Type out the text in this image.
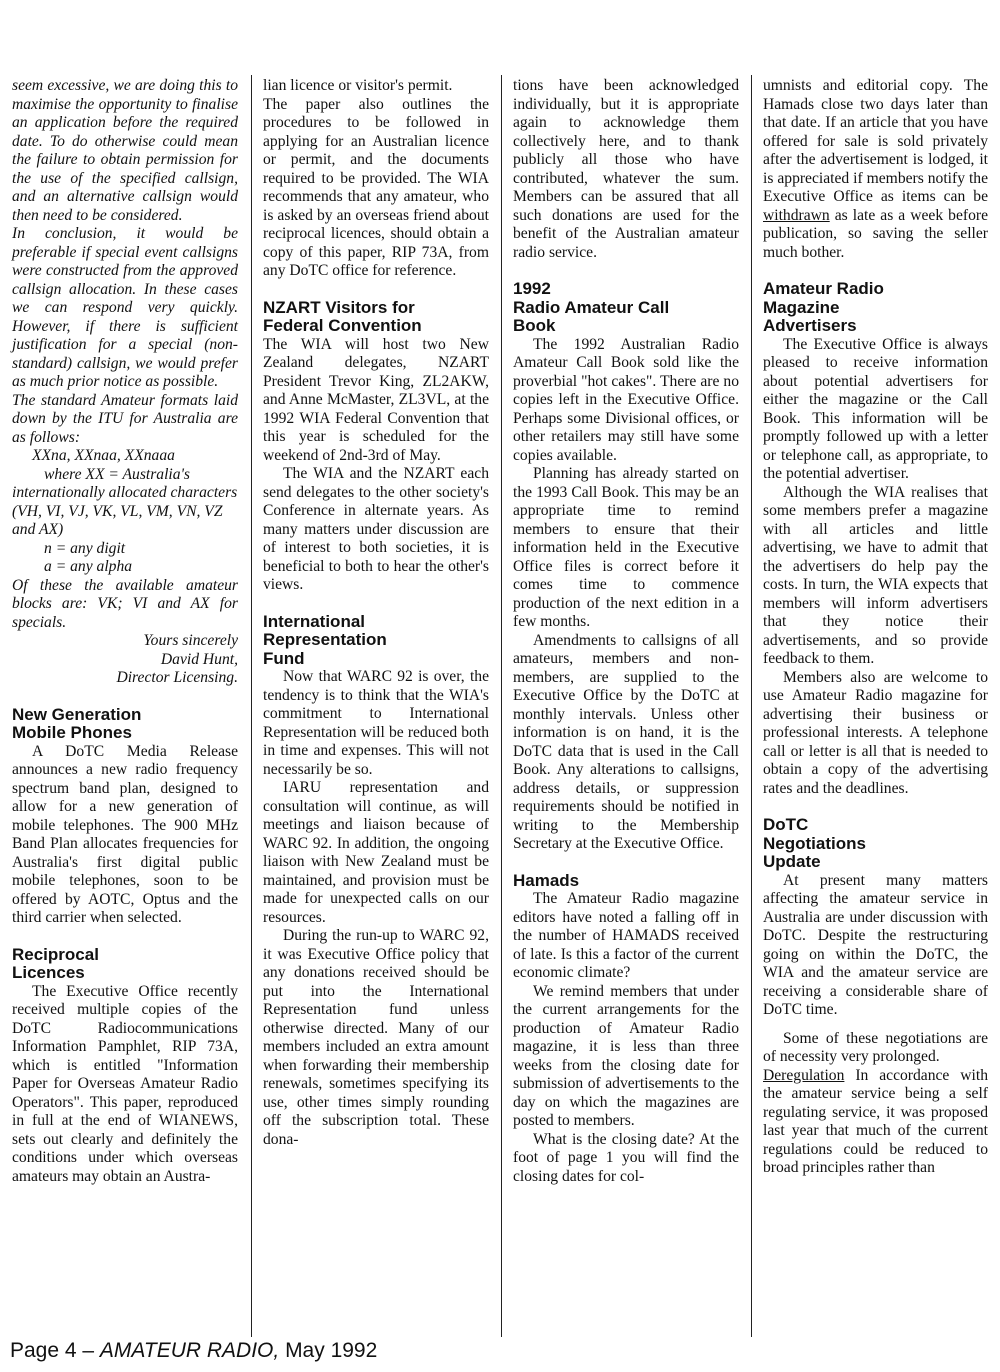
seem excessive, we are doing this to maximise the opportunity to finalise an application before the required date. To do otherwise could mean the failure to obtain permission for the use of the specified callsign, and an alternative callsign would then need to be considered.

In conclusion, it would be preferable if special event callsigns were constructed from the approved callsign allocation. In these cases we can respond very quickly. However, if there is sufficient justification for a special (non-standard) callsign, we would prefer as much prior notice as possible.

The standard Amateur formats laid down by the ITU for Australia are as follows:

XXna, XXnaa, XXnaaa

where XX = Australia's internationally allocated characters (VH, VI, VJ, VK, VL, VM, VN, VZ and AX)

n = any digit

a = any alpha

Of these the available amateur blocks are: VK; VI and AX for specials.

Yours sincerely

David Hunt,

Director Licensing.

New Generation Mobile Phones

A DoTC Media Release announces a new radio frequency spectrum band plan, designed to allow for a new generation of mobile telephones. The 900 MHz Band Plan allocates frequencies for Australia's first digital public mobile telephones, soon to be offered by AOTC, Optus and the third carrier when selected.

Reciprocal Licences

The Executive Office recently received multiple copies of the DoTC Radiocommunications Information Pamphlet, RIP 73A, which is entitled "Information Paper for Overseas Amateur Radio Operators". This paper, reproduced in full at the end of WIANEWS, sets out clearly and definitely the conditions under which overseas amateurs may obtain an Austra-

lian licence or visitor's permit.

The paper also outlines the procedures to be followed in applying for an Australian licence or permit, and the documents required to be provided. The WIA recommends that any amateur, who is asked by an overseas friend about reciprocal licences, should obtain a copy of this paper, RIP 73A, from any DoTC office for reference.

NZART Visitors for Federal Convention

The WIA will host two New Zealand delegates, NZART President Trevor King, ZL2AKW, and Anne McMaster, ZL3VL, at the 1992 WIA Federal Convention that this year is scheduled for the weekend of 2nd-3rd of May.

The WIA and the NZART each send delegates to the other society's Conference in alternate years. As many matters under discussion are of interest to both societies, it is beneficial to both to hear the other's views.

International Representation Fund

Now that WARC 92 is over, the tendency is to think that the WIA's commitment to International Representation will be reduced both in time and expenses. This will not necessarily be so.

IARU representation and consultation will continue, as will meetings and liaison because of WARC 92. In addition, the ongoing liaison with New Zealand must be maintained, and provision must be made for unexpected calls on our resources.

During the run-up to WARC 92, it was Executive Office policy that any donations received should be put into the International Representation fund unless otherwise directed. Many of our members included an extra amount when forwarding their membership renewals, sometimes specifying its use, other times simply rounding off the subscription total. These dona-

tions have been acknowledged individually, but it is appropriate again to acknowledge them collectively here, and to thank publicly all those who have contributed, whatever the sum. Members can be assured that all such donations are used for the benefit of the Australian amateur radio service.

1992
Radio Amateur Call Book

The 1992 Australian Radio Amateur Call Book sold like the proverbial "hot cakes". There are no copies left in the Executive Office. Perhaps some Divisional offices, or other retailers may still have some copies available.

Planning has already started on the 1993 Call Book. This may be an appropriate time to remind members to ensure that their information held in the Executive Office files is correct before it comes time to commence production of the next edition in a few months.

Amendments to callsigns of all amateurs, members and non-members, are supplied to the Executive Office by the DoTC at monthly intervals. Unless other information is on hand, it is the DoTC data that is used in the Call Book. Any alterations to callsigns, address details, or suppression requirements should be notified in writing to the Membership Secretary at the Executive Office.

Hamads

The Amateur Radio magazine editors have noted a falling off in the number of HAMADS received of late. Is this a factor of the current economic climate?

We remind members that under the current arrangements for the production of Amateur Radio magazine, it is less than three weeks from the closing date for submission of advertisements to the day on which the magazines are posted to members.

What is the closing date? At the foot of page 1 you will find the closing dates for col-

umnists and editorial copy. The Hamads close two days later than that date. If an article that you have offered for sale is sold privately after the advertisement is lodged, it is appreciated if members notify the Executive Office as items can be withdrawn as late as a week before publication, so saving the seller much bother.

Amateur Radio Magazine Advertisers

The Executive Office is always pleased to receive information about potential advertisers for either the magazine or the Call Book. This information will be promptly followed up with a letter or telephone call, as appropriate, to the potential advertiser.

Although the WIA realises that some members prefer a magazine with all articles and little advertising, we have to admit that the advertisers do help pay the costs. In turn, the WIA expects that members will inform advertisers that they notice their advertisements, and so provide feedback to them.

Members also are welcome to use Amateur Radio magazine for advertising their business or professional interests. A telephone call or letter is all that is needed to obtain a copy of the advertising rates and the deadlines.

DoTC Negotiations Update

At present many matters affecting the amateur service in Australia are under discussion with DoTC. Despite the restructuring going on within the DoTC, the WIA and the amateur service are receiving a considerable share of DoTC time.

Some of these negotiations are of necessity very prolonged.

Deregulation In accordance with the amateur service being a self regulating service, it was proposed last year that much of the current regulations could be reduced to broad principles rather than

Page 4 – AMATEUR RADIO, May 1992
